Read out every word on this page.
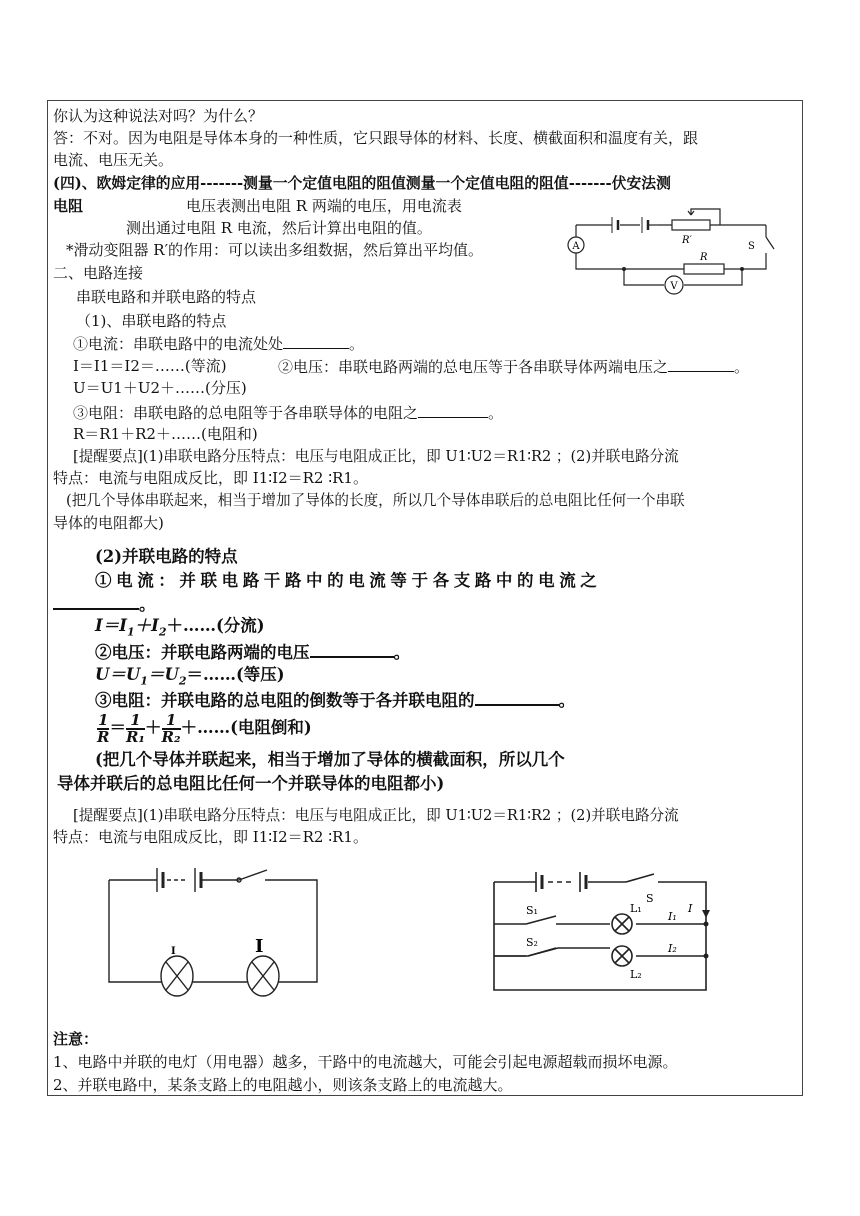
你认为这种说法对吗？为什么？
答：不对。因为电阻是导体本身的一种性质，它只跟导体的材料、长度、横截面积和温度有关，跟
电流、电压无关。
(四)、欧姆定律的应用-------测量一个定值电阻的阻值测量一个定值电阻的阻值-------伏安法测
电阻	电压表测出电阻 R 两端的电压，用电流表
测出通过电阻 R 电流，然后计算出电阻的值。
*滑动变阻器 R′的作用：可以读出多组数据，然后算出平均值。
二、电路连接
串联电路和并联电路的特点
（1)、串联电路的特点
①电流：串联电路中的电流处处	。
I＝I1＝I2＝……(等流)	②电压：串联电路两端的总电压等于各串联导体两端电压之	。
U＝U1＋U2＋……(分压)
③电阻：串联电路的总电阻等于各串联导体的电阻之	。
R＝R1＋R2＋……(电阻和)
[提醒要点](1)串联电路分压特点：电压与电阻成正比，即 U1∶U2＝R1∶R2 ；(2)并联电路分流
特点：电流与电阻成反比，即 I1∶I2＝R2 ∶R1。
(把几个导体串联起来，相当于增加了导体的长度，所以几个导体串联后的总电阻比任何一个串联
导体的电阻都大)
(2)并联电路的特点
①电流：并联电路干路中的电流等于各支路中的电流之
。
$I=I_1+I_2+\dots\dots$(分流)
②电压：并联电路两端的电压	。
$U=U_1=U_2=\dots\dots$(等压)
③电阻：并联电路的总电阻的倒数等于各并联电阻的	。
$\frac{1}{R} = \frac{1}{\text{R₁}} + \frac{1}{\text{R₂}}$ ＋……(电阻倒和)
(把几个导体并联起来，相当于增加了导体的横截面积，所以几个
导体并联后的总电阻比任何一个并联导体的电阻都小)
[提醒要点](1)串联电路分压特点：电压与电阻成正比，即 U1∶U2＝R1∶R2 ；(2)并联电路分流
特点：电流与电阻成反比，即 I1∶I2＝R2 ∶R1。
注意：
1、电路中并联的电灯（用电器）越多，干路中的电流越大，可能会引起电源超载而损坏电源。
2、并联电路中，某条支路上的电阻越小，则该条支路上的电流越大。
A
V
R′
R
S
I	I
S
I
S₁
S₂
L₁
L₂
I₁
I₂
